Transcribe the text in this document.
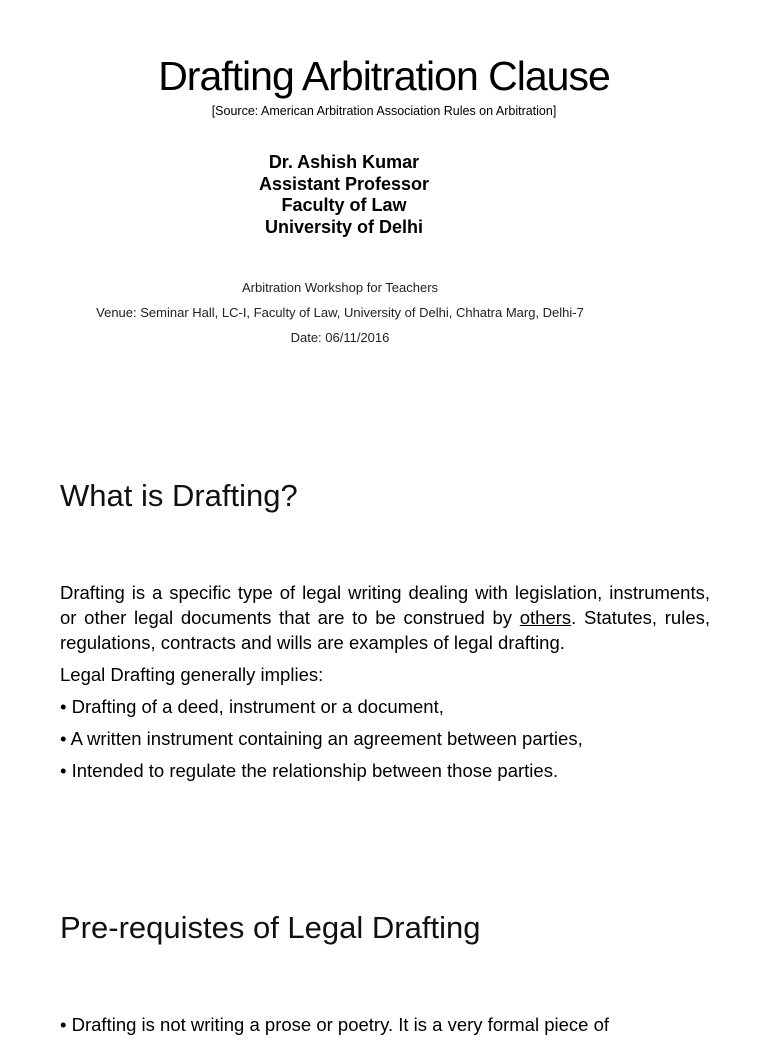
Drafting Arbitration Clause
[Source: American Arbitration Association Rules on Arbitration]
Dr. Ashish Kumar
Assistant Professor
Faculty of Law
University of Delhi
Arbitration Workshop for Teachers
Venue: Seminar Hall, LC-I, Faculty of Law, University of Delhi, Chhatra Marg, Delhi-7
Date: 06/11/2016
What is Drafting?

Drafting is a specific type of legal writing dealing with legislation, instruments, or other legal documents that are to be construed by others. Statutes, rules, regulations, contracts and wills are examples of legal drafting.

Legal Drafting generally implies:

• Drafting of a deed, instrument or a document,

• A written instrument containing an agreement between parties,

• Intended to regulate the relationship between those parties.

Pre-requistes of Legal Drafting

• Drafting is not writing a prose or poetry. It is a very formal piece of
